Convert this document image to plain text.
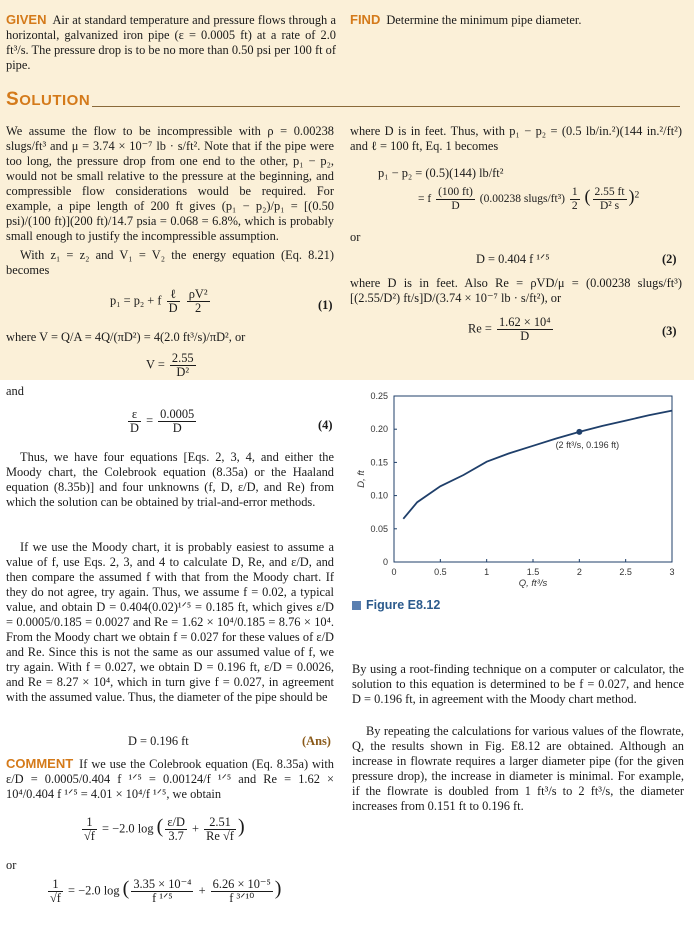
GIVEN Air at standard temperature and pressure flows through a horizontal, galvanized iron pipe (ε = 0.0005 ft) at a rate of 2.0 ft³/s. The pressure drop is to be no more than 0.50 psi per 100 ft of pipe.

FIND Determine the minimum pipe diameter.

SOLUTION

We assume the flow to be incompressible with ρ = 0.00238 slugs/ft³ and μ = 3.74 × 10⁻⁷ lb · s/ft². Note that if the pipe were too long, the pressure drop from one end to the other, p₁ − p₂, would not be small relative to the pressure at the beginning, and compressible flow considerations would be required. For example, a pipe length of 200 ft gives (p₁ − p₂)/p₁ = [(0.50 psi)/(100 ft)](200 ft)/14.7 psia = 0.068 = 6.8%, which is probably small enough to justify the incompressible assumption.

With z₁ = z₂ and V₁ = V₂ the energy equation (Eq. 8.21) becomes

p₁ = p₂ + f $\frac{\text{ℓ}}{D}$
$\frac{\text{ρV²}}{2}$	(1)

where V = Q/A = 4Q/(πD²) = 4(2.0 ft³/s)/πD², or

$V = \frac{2.55}{\text{D²}}$

where D is in feet. Thus, with p₁ − p₂ = (0.5 lb/in.²)(144 in.²/ft²) and ℓ = 100 ft, Eq. 1 becomes

p₁ − p₂ = (0.5)(144) lb/ft²
= f $\frac{(100 ft)}{D} (0.00238$ slugs/ft³) $\frac{1}{2}$ ( $\frac{2.55 ft}{\text{D² s}} )^2$

or

D = 0.404 f ¹ᐟ⁵	(2)

where D is in feet. Also Re = ρVD/μ = (0.00238 slugs/ft³) [(2.55/D²) ft/s]D/(3.74 × 10⁻⁷ lb · s/ft²), or

$Re = \frac{\text{1.62 × 10⁴}}{D}$	(3)

and

$\frac{\varepsilon}{D} = \frac{0.0005}{D}$	(4)

Thus, we have four equations [Eqs. 2, 3, 4, and either the Moody chart, the Colebrook equation (8.35a) or the Haaland equation (8.35b)] and four unknowns (f, D, ε/D, and Re) from which the solution can be obtained by trial-and-error methods.

If we use the Moody chart, it is probably easiest to assume a value of f, use Eqs. 2, 3, and 4 to calculate D, Re, and ε/D, and then compare the assumed f with that from the Moody chart. If they do not agree, try again. Thus, we assume f = 0.02, a typical value, and obtain D = 0.404(0.02)¹ᐟ⁵ = 0.185 ft, which gives ε/D = 0.0005/0.185 = 0.0027 and Re = 1.62 × 10⁴/0.185 = 8.76 × 10⁴. From the Moody chart we obtain f = 0.027 for these values of ε/D and Re. Since this is not the same as our assumed value of f, we try again. With f = 0.027, we obtain D = 0.196 ft, ε/D = 0.0026, and Re = 8.27 × 10⁴, which in turn give f = 0.027, in agreement with the assumed value. Thus, the diameter of the pipe should be

D = 0.196 ft	(Ans)

COMMENT If we use the Colebrook equation (Eq. 8.35a) with ε/D = 0.0005/0.404 f ¹ᐟ⁵ = 0.00124/f ¹ᐟ⁵ and Re = 1.62 × 10⁴/0.404 f ¹ᐟ⁵ = 4.01 × 10⁴/f ¹ᐟ⁵, we obtain

$\frac{1}{√f} = -2.0$ log ( $\frac{\varepsilon/D}{3.7} + \frac{2.51}{Re √f}$ )

or

$\frac{1}{√f} = -2.0$ log ( $\frac{\text{3.35 × 10⁻⁴}}{\text{f ¹ᐟ⁵}} + \frac{\text{6.26 × 10⁻⁵}}{\text{f ³ᐟ¹⁰}}$ )
0	0.5	1	1.5	2	2.5	3
0
0.05
0.10
0.15
0.20
0.25
Q, ft³/s
D, ft
(2 ft³/s, 0.196 ft)
Figure E8.12

By using a root-finding technique on a computer or calculator, the solution to this equation is determined to be f = 0.027, and hence D = 0.196 ft, in agreement with the Moody chart method.

By repeating the calculations for various values of the flowrate, Q, the results shown in Fig. E8.12 are obtained. Although an increase in flowrate requires a larger diameter pipe (for the given pressure drop), the increase in diameter is minimal. For example, if the flowrate is doubled from 1 ft³/s to 2 ft³/s, the diameter increases from 0.151 ft to 0.196 ft.
